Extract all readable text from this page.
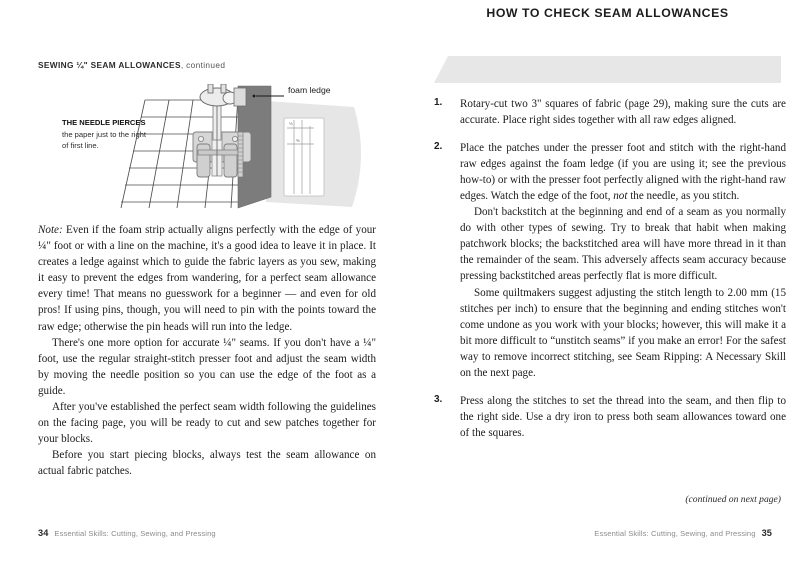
SEWING ¼" SEAM ALLOWANCES, continued
THE NEEDLE PIERCES the paper just to the right of first line.
⅛
⅜
foam ledge

Note: Even if the foam strip actually aligns perfectly with the edge of your ¼" foot or with a line on the machine, it's a good idea to leave it in place. It creates a ledge against which to guide the fabric layers as you sew, making it easy to prevent the edges from wandering, for a perfect seam allowance every time! That means no guesswork for a beginner — and even for old pros! If using pins, though, you will need to pin with the points toward the raw edge; otherwise the pin heads will run into the ledge.

There's one more option for accurate ¼" seams. If you don't have a ¼" foot, use the regular straight-stitch presser foot and adjust the seam width by moving the needle position so you can use the edge of the foot as a guide.

After you've established the perfect seam width following the guidelines on the facing page, you will be ready to cut and sew patches together for your blocks.

Before you start piecing blocks, always test the seam allowance on actual fabric patches.

34 Essential Skills: Cutting, Sewing, and Pressing
HOW TO CHECK SEAM ALLOWANCES
1.	Rotary-cut two 3" squares of fabric (page 29), making sure the cuts are accurate. Place right sides together with all raw edges aligned.

2.	Place the patches under the presser foot and stitch with the right-hand raw edges against the foam ledge (if you are using it; see the previous how-to) or with the presser foot perfectly aligned with the right-hand raw edges. Watch the edge of the foot, not the needle, as you stitch.

Don't backstitch at the beginning and end of a seam as you normally do with other types of sewing. Try to break that habit when making patchwork blocks; the backstitched area will have more thread in it than the remainder of the seam. This adversely affects seam accuracy because pressing backstitched areas perfectly flat is more difficult.

Some quiltmakers suggest adjusting the stitch length to 2.00 mm (15 stitches per inch) to ensure that the beginning and ending stitches won't come undone as you work with your blocks; however, this will make it a bit more difficult to “unstitch seams” if you make an error! For the safest way to remove incorrect stitching, see Seam Ripping: A Necessary Skill on the next page.

3.	Press along the stitches to set the thread into the seam, and then flip to the right side. Use a dry iron to press both seam allowances toward one of the squares.

(continued on next page)
Essential Skills: Cutting, Sewing, and Pressing 35
